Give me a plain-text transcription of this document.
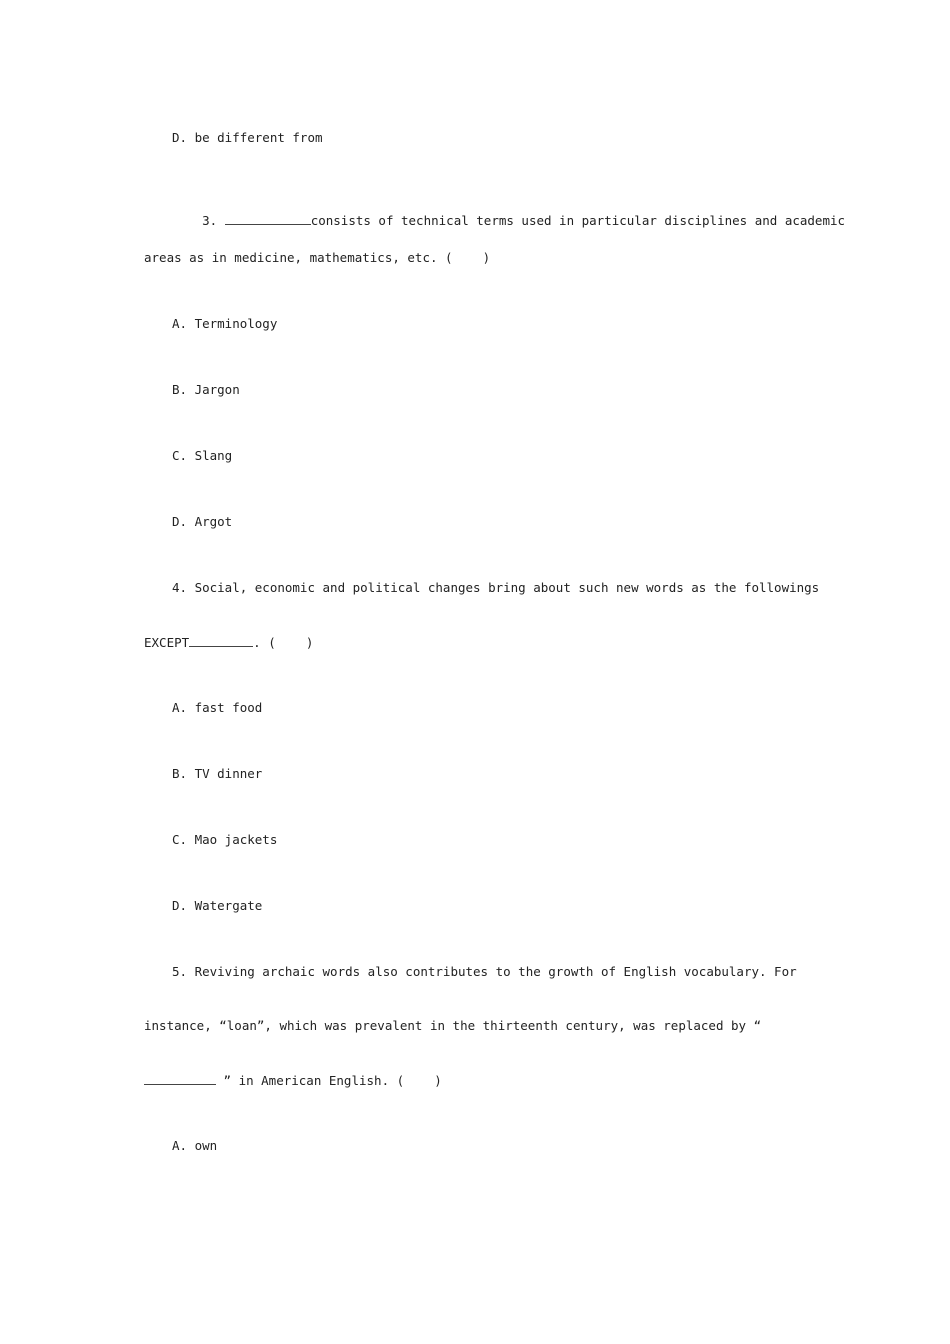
D. be different from

3.	consists of technical terms used in particular disciplines and academic

areas as in medicine, mathematics, etc. (    )
A. Terminology
B. Jargon
C. Slang
D. Argot
4. Social, economic and political changes bring about such new words as the followings
EXCEPT	. (    )
A. fast food
B. TV dinner
C. Mao jackets
D. Watergate
5. Reviving archaic words also contributes to the growth of English vocabulary. For
instance, “loan”, which was prevalent in the thirteenth century, was replaced by “
” in American English. (    )
A. own
